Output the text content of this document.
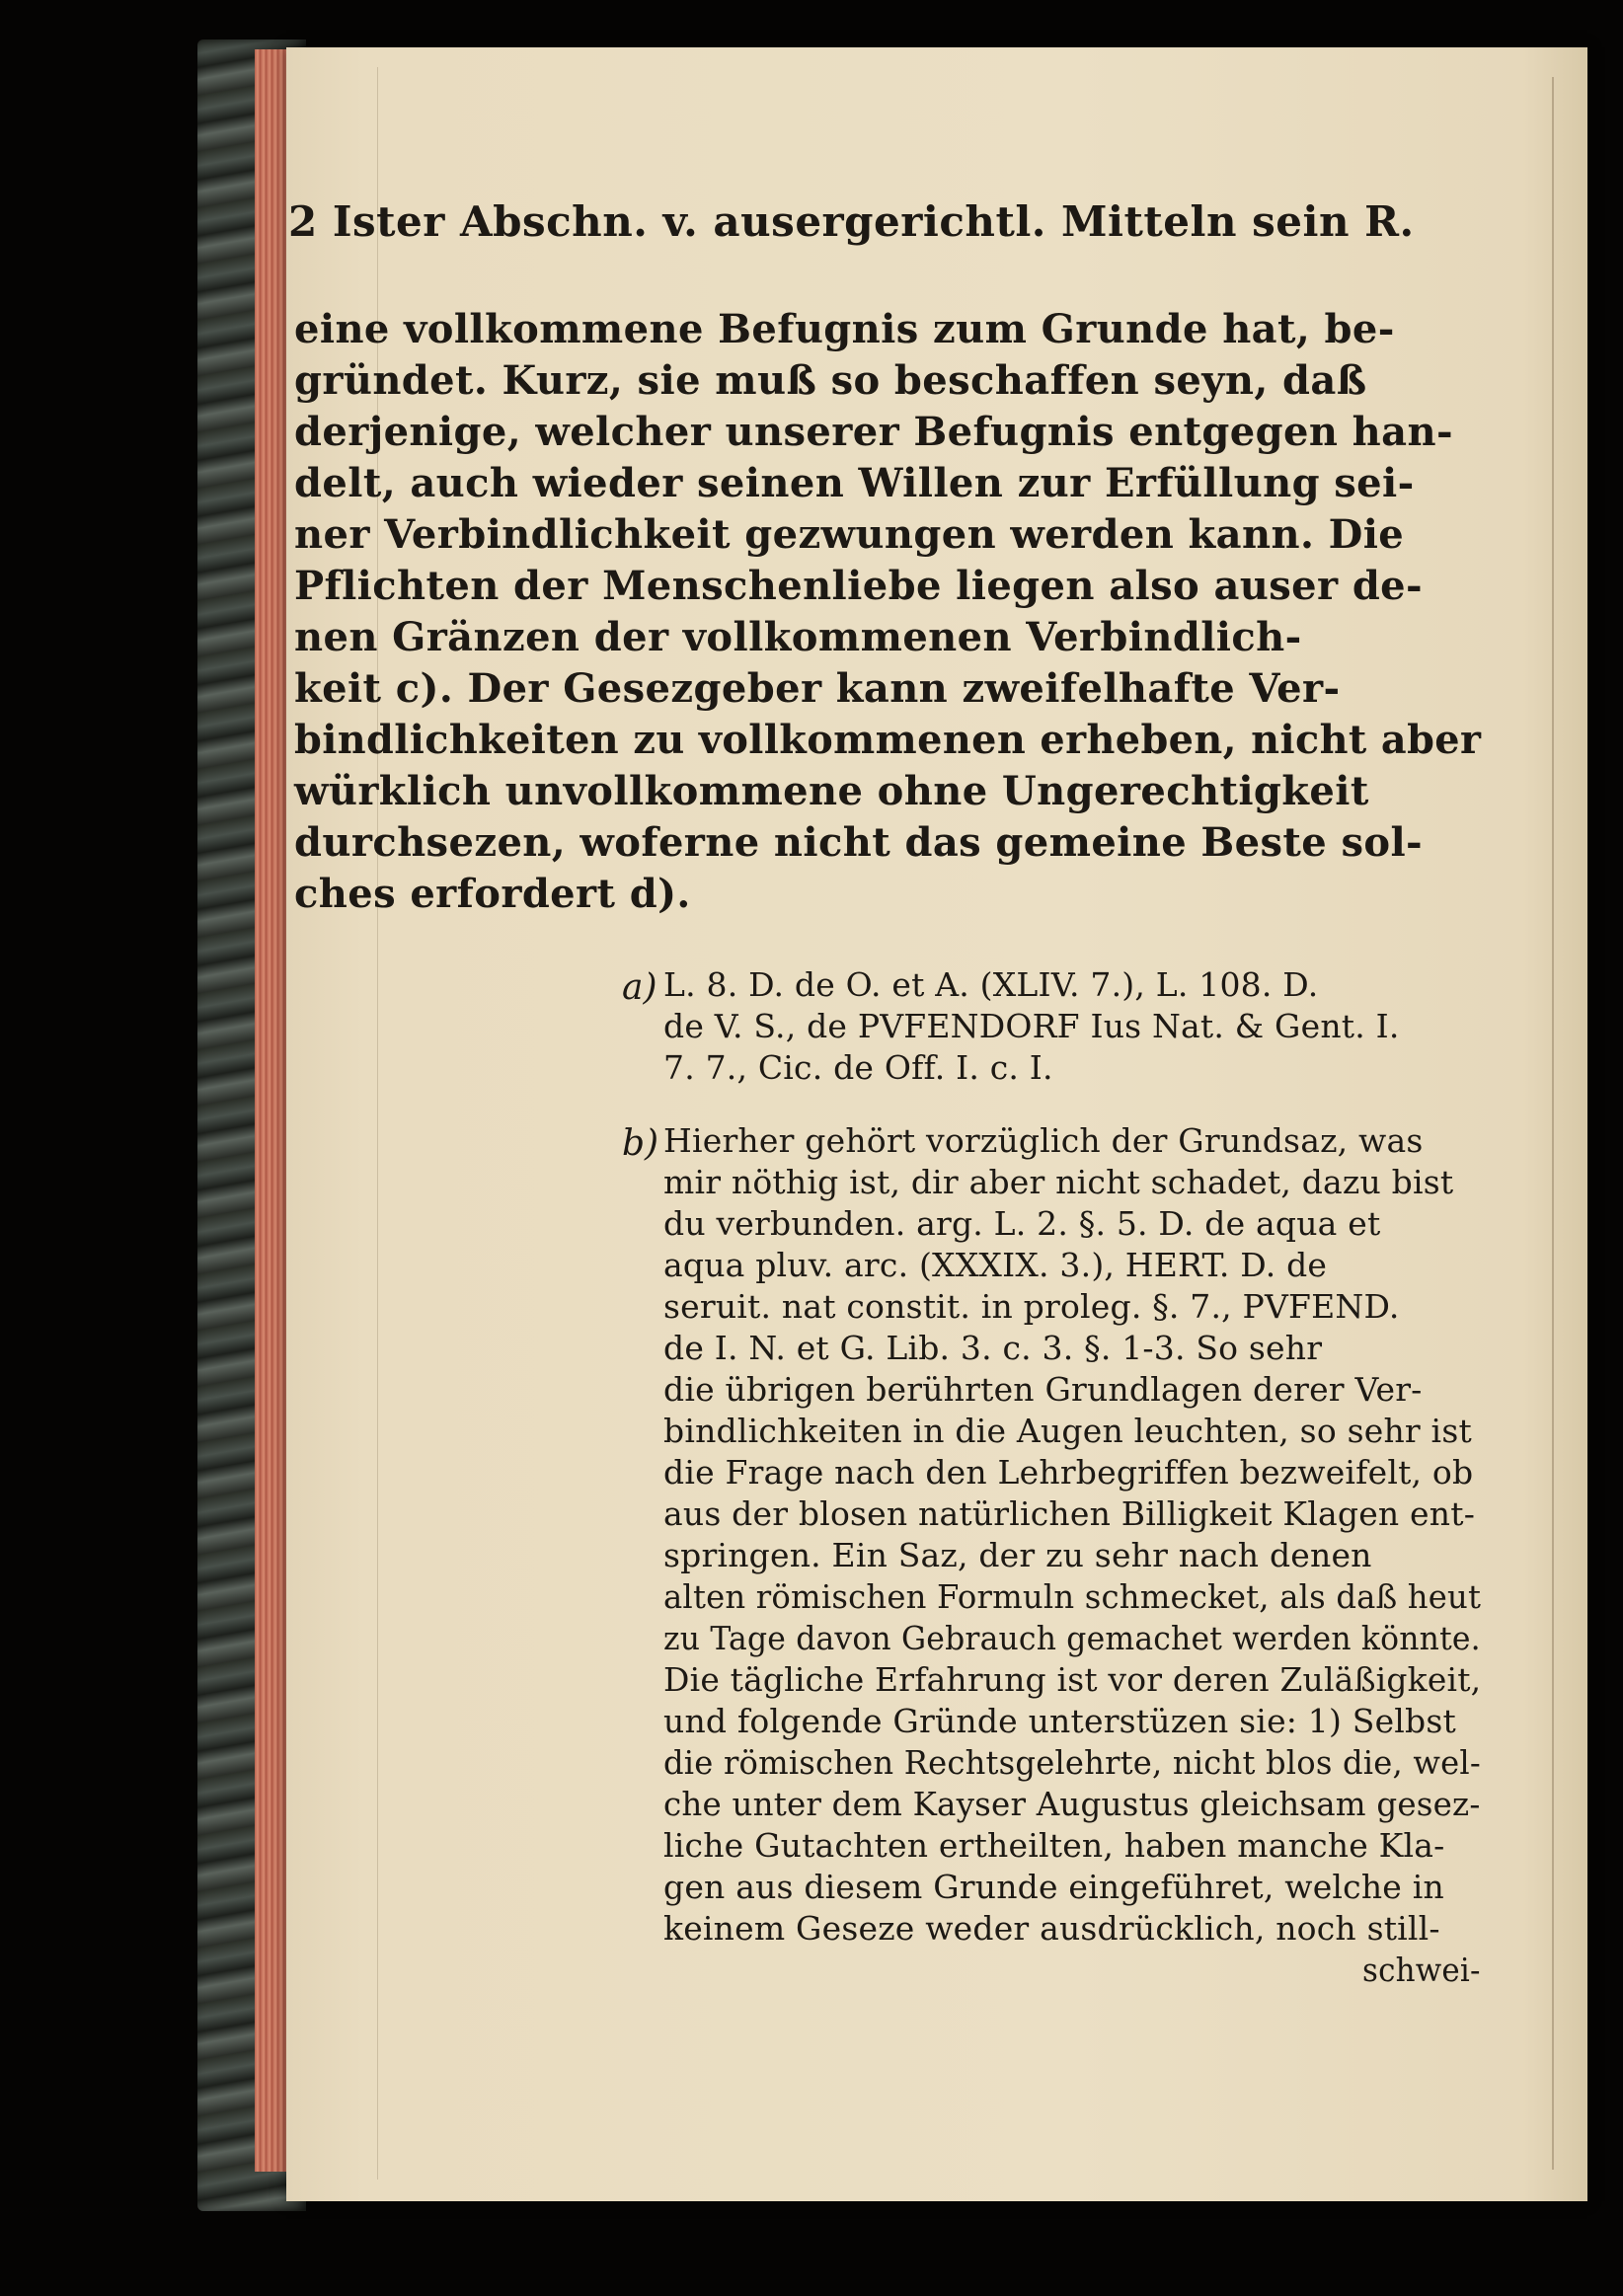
2 Ister Abschn. v. ausergerichtl. Mitteln sein R.
eine vollkommene Befugnis zum Grunde hat, be-
gründet. Kurz, sie muß so beschaffen seyn, daß
derjenige, welcher unserer Befugnis entgegen han-
delt, auch wieder seinen Willen zur Erfüllung sei-
ner Verbindlichkeit gezwungen werden kann. Die
Pflichten der Menschenliebe liegen also auser de-
nen Gränzen der vollkommenen Verbindlich-
keit c). Der Gesezgeber kann zweifelhafte Ver-
bindlichkeiten zu vollkommenen erheben, nicht aber
würklich unvollkommene ohne Ungerechtigkeit
durchsezen, woferne nicht das gemeine Beste sol-
ches erfordert d).
a) L. 8. D. de O. et A. (XLIV. 7.), L. 108. D.
de V. S., de PVFENDORF Ius Nat. & Gent. I.
7. 7., Cic. de Off. I. c. I.
b) Hierher gehört vorzüglich der Grundsaz, was
mir nöthig ist, dir aber nicht schadet, dazu bist
du verbunden. arg. L. 2. §. 5. D. de aqua et
aqua pluv. arc. (XXXIX. 3.), HERT. D. de
seruit. nat constit. in proleg. §. 7., PVFEND.
de I. N. et G. Lib. 3. c. 3. §. 1-3. So sehr
die übrigen berührten Grundlagen derer Ver-
bindlichkeiten in die Augen leuchten, so sehr ist
die Frage nach den Lehrbegriffen bezweifelt, ob
aus der blosen natürlichen Billigkeit Klagen ent-
springen. Ein Saz, der zu sehr nach denen
alten römischen Formuln schmecket, als daß heut
zu Tage davon Gebrauch gemachet werden könnte.
Die tägliche Erfahrung ist vor deren Zuläßigkeit,
und folgende Gründe unterstüzen sie: 1) Selbst
die römischen Rechtsgelehrte, nicht blos die, wel-
che unter dem Kayser Augustus gleichsam gesez-
liche Gutachten ertheilten, haben manche Kla-
gen aus diesem Grunde eingeführet, welche in
keinem Geseze weder ausdrücklich, noch still-
schwei-
